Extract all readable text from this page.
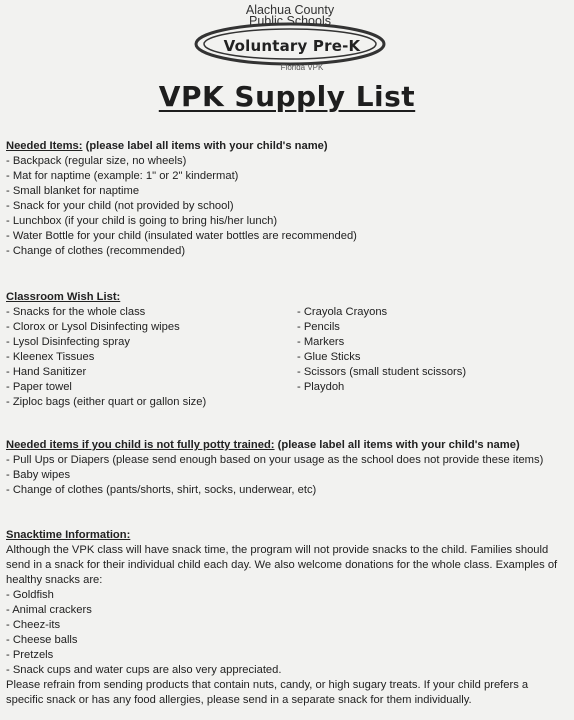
Alachua County
Public Schools
Voluntary Pre-K
Florida VPK
VPK Supply List
Needed Items: (please label all items with your child's name)
- Backpack (regular size, no wheels)
- Mat for naptime (example: 1" or 2" kindermat)
- Small blanket for naptime
- Snack for your child (not provided by school)
- Lunchbox (if your child is going to bring his/her lunch)
- Water Bottle for your child (insulated water bottles are recommended)
- Change of clothes (recommended)
Classroom Wish List:
- Snacks for the whole class
- Clorox or Lysol Disinfecting wipes
- Lysol Disinfecting spray
- Kleenex Tissues
- Hand Sanitizer
- Paper towel
- Ziploc bags (either quart or gallon size)
- Crayola Crayons
- Pencils
- Markers
- Glue Sticks
- Scissors (small student scissors)
- Playdoh
Needed items if you child is not fully potty trained: (please label all items with your child's name)
- Pull Ups or Diapers (please send enough based on your usage as the school does not provide these items)
- Baby wipes
- Change of clothes (pants/shorts, shirt, socks, underwear, etc)
Snacktime Information:
Although the VPK class will have snack time, the program will not provide snacks to the child. Families should send in a snack for their individual child each day. We also welcome donations for the whole class. Examples of healthy snacks are:
- Goldfish
- Animal crackers
- Cheez-its
- Cheese balls
- Pretzels
- Snack cups and water cups are also very appreciated.
Please refrain from sending products that contain nuts, candy, or high sugary treats. If your child prefers a specific snack or has any food allergies, please send in a separate snack for them individually.
